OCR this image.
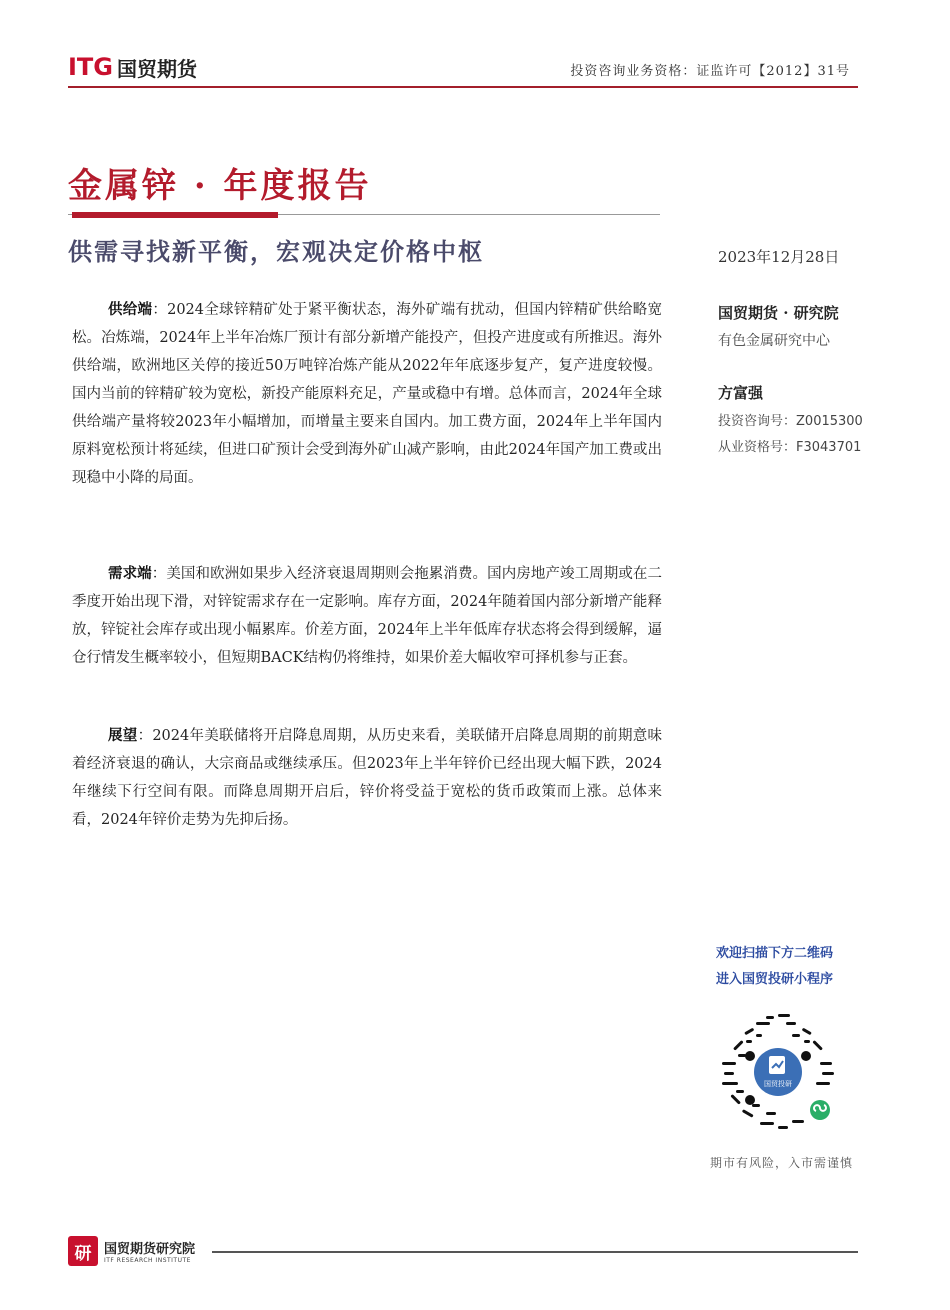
ITG 国贸期货	投资咨询业务资格：证监许可【2012】31号
金属锌 · 年度报告
供需寻找新平衡，宏观决定价格中枢	2023年12月28日

供给端：2024全球锌精矿处于紧平衡状态，海外矿端有扰动，但国内锌精矿供给略宽松。冶炼端，2024年上半年冶炼厂预计有部分新增产能投产，但投产进度或有所推迟。海外供给端，欧洲地区关停的接近50万吨锌冶炼产能从2022年年底逐步复产，复产进度较慢。国内当前的锌精矿较为宽松，新投产能原料充足，产量或稳中有增。总体而言，2024年全球供给端产量将较2023年小幅增加，而增量主要来自国内。加工费方面，2024年上半年国内原料宽松预计将延续，但进口矿预计会受到海外矿山减产影响，由此2024年国产加工费或出现稳中小降的局面。

需求端：美国和欧洲如果步入经济衰退周期则会拖累消费。国内房地产竣工周期或在二季度开始出现下滑，对锌锭需求存在一定影响。库存方面，2024年随着国内部分新增产能释放，锌锭社会库存或出现小幅累库。价差方面，2024年上半年低库存状态将会得到缓解，逼仓行情发生概率较小，但短期BACK结构仍将维持，如果价差大幅收窄可择机参与正套。

展望：2024年美联储将开启降息周期，从历史来看，美联储开启降息周期的前期意味着经济衰退的确认，大宗商品或继续承压。但2023年上半年锌价已经出现大幅下跌，2024年继续下行空间有限。而降息周期开启后，锌价将受益于宽松的货币政策而上涨。总体来看，2024年锌价走势为先抑后扬。

国贸期货 · 研究院
有色金属研究中心
方富强
投资咨询号：Z0015300
从业资格号：F3043701
欢迎扫描下方二维码
进入国贸投研小程序
国贸投研
期市有风险，入市需谨慎
研 国贸期货研究院
ITF RESEARCH INSTITUTE
